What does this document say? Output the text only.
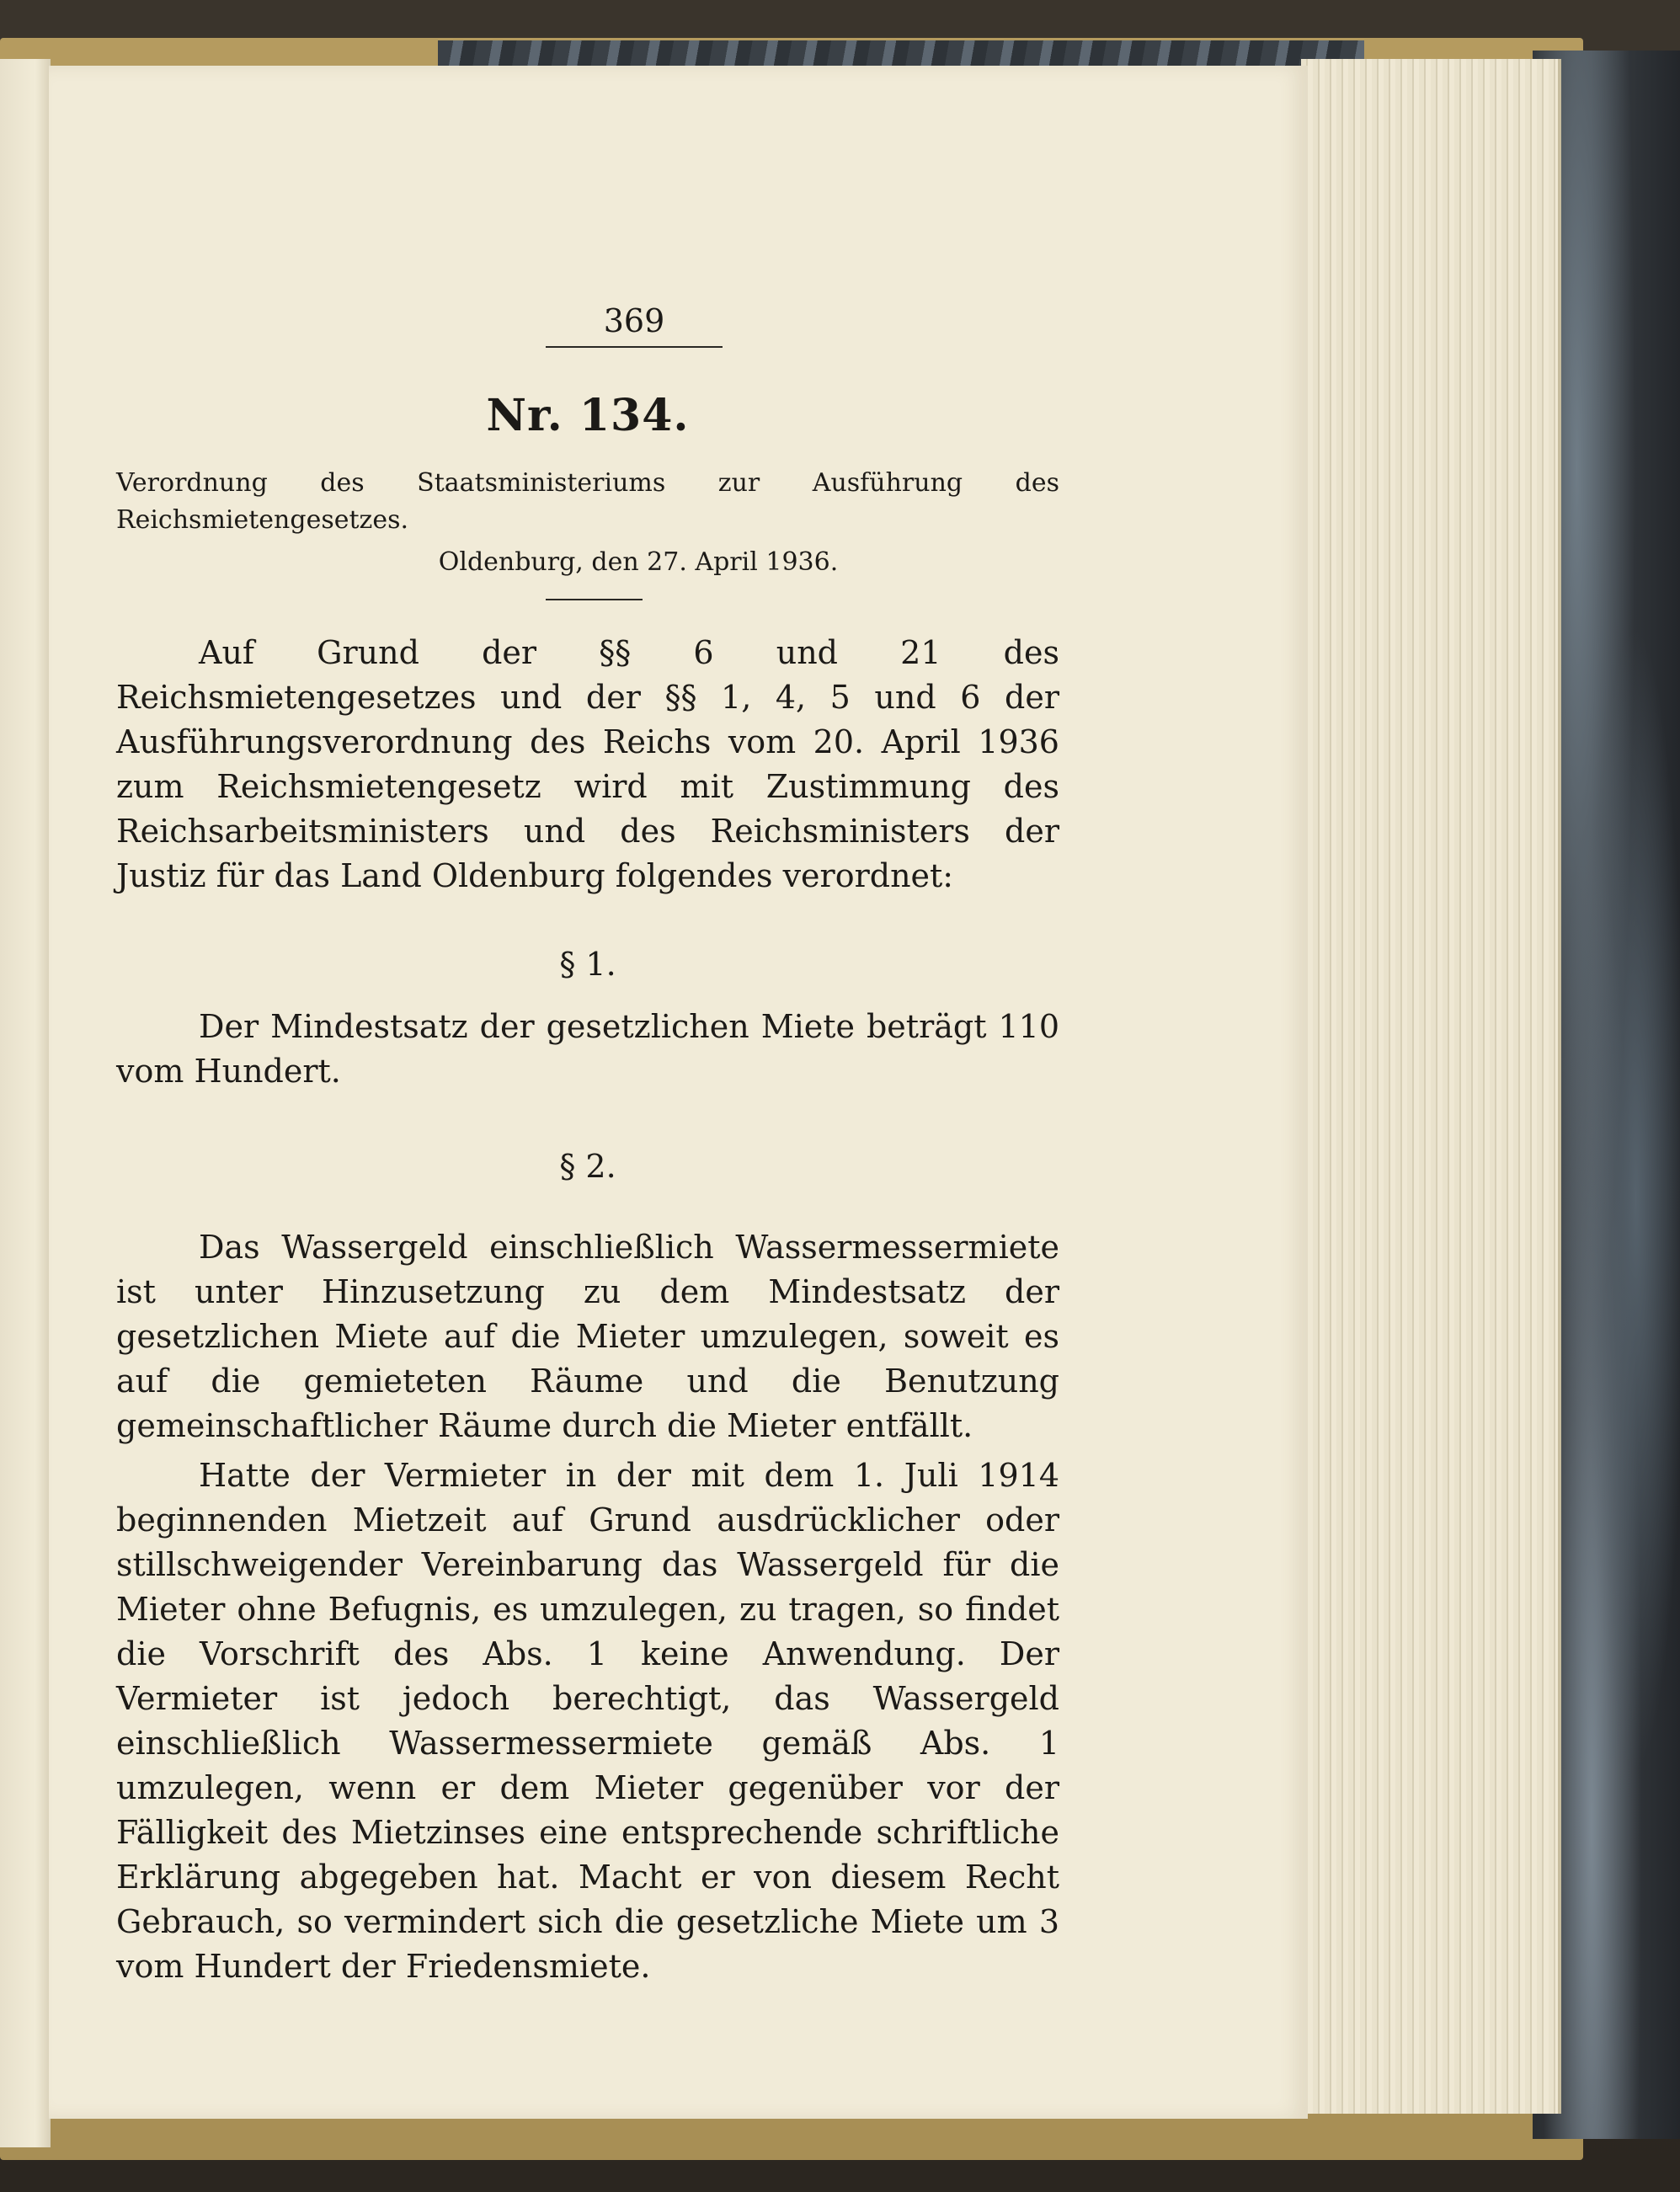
369
Nr. 134.
Verordnung des Staatsministeriums zur Ausführung des Reichsmietengesetzes.
Oldenburg, den 27. April 1936.

Auf Grund der §§ 6 und 21 des Reichsmietengesetzes und der §§ 1, 4, 5 und 6 der Ausführungsverordnung des Reichs vom 20. April 1936 zum Reichsmietengesetz wird mit Zustimmung des Reichsarbeitsministers und des Reichsministers der Justiz für das Land Oldenburg folgendes verordnet:

§ 1.

Der Mindestsatz der gesetzlichen Miete beträgt 110 vom Hundert.

§ 2.

Das Wassergeld einschließlich Wassermessermiete ist unter Hinzusetzung zu dem Mindestsatz der gesetzlichen Miete auf die Mieter umzulegen, soweit es auf die gemieteten Räume und die Benutzung gemeinschaftlicher Räume durch die Mieter entfällt.

Hatte der Vermieter in der mit dem 1. Juli 1914 beginnenden Mietzeit auf Grund ausdrücklicher oder stillschweigender Vereinbarung das Wassergeld für die Mieter ohne Befugnis, es umzulegen, zu tragen, so findet die Vorschrift des Abs. 1 keine Anwendung. Der Vermieter ist jedoch berechtigt, das Wassergeld einschließlich Wassermessermiete gemäß Abs. 1 umzulegen, wenn er dem Mieter gegenüber vor der Fälligkeit des Mietzinses eine entsprechende schriftliche Erklärung abgegeben hat. Macht er von diesem Recht Gebrauch, so vermindert sich die gesetzliche Miete um 3 vom Hundert der Friedensmiete.
